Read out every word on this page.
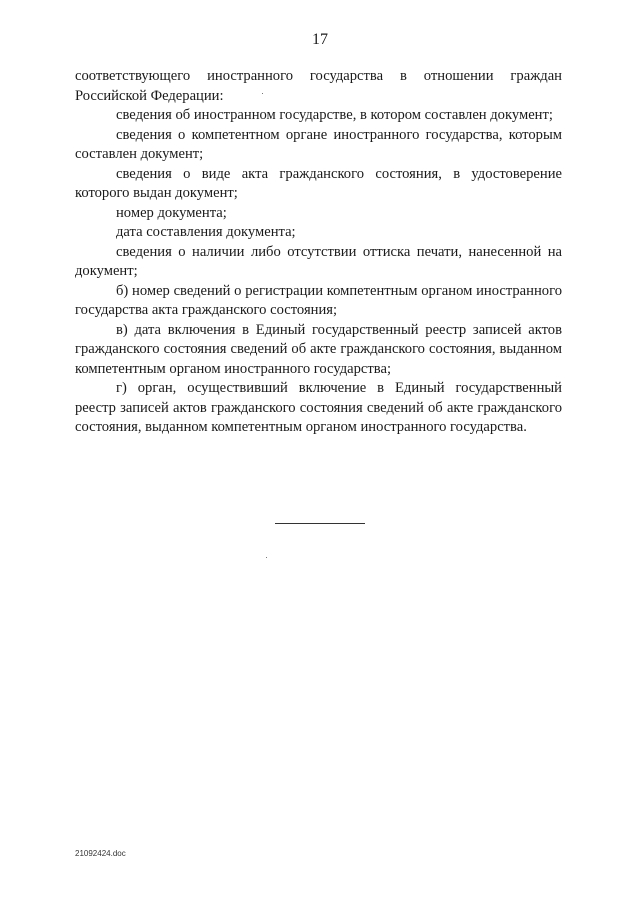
17

соответствующего иностранного государства в отношении граждан Российской Федерации:

сведения об иностранном государстве, в котором составлен документ;

сведения о компетентном органе иностранного государства, которым составлен документ;

сведения о виде акта гражданского состояния, в удостоверение которого выдан документ;

номер документа;

дата составления документа;

сведения о наличии либо отсутствии оттиска печати, нанесенной на документ;

б) номер сведений о регистрации компетентным органом иностранного государства акта гражданского состояния;

в) дата включения в Единый государственный реестр записей актов гражданского состояния сведений об акте гражданского состояния, выданном компетентным органом иностранного государства;

г) орган, осуществивший включение в Единый государственный реестр записей актов гражданского состояния сведений об акте гражданского состояния, выданном компетентным органом иностранного государства.

21092424.doc
